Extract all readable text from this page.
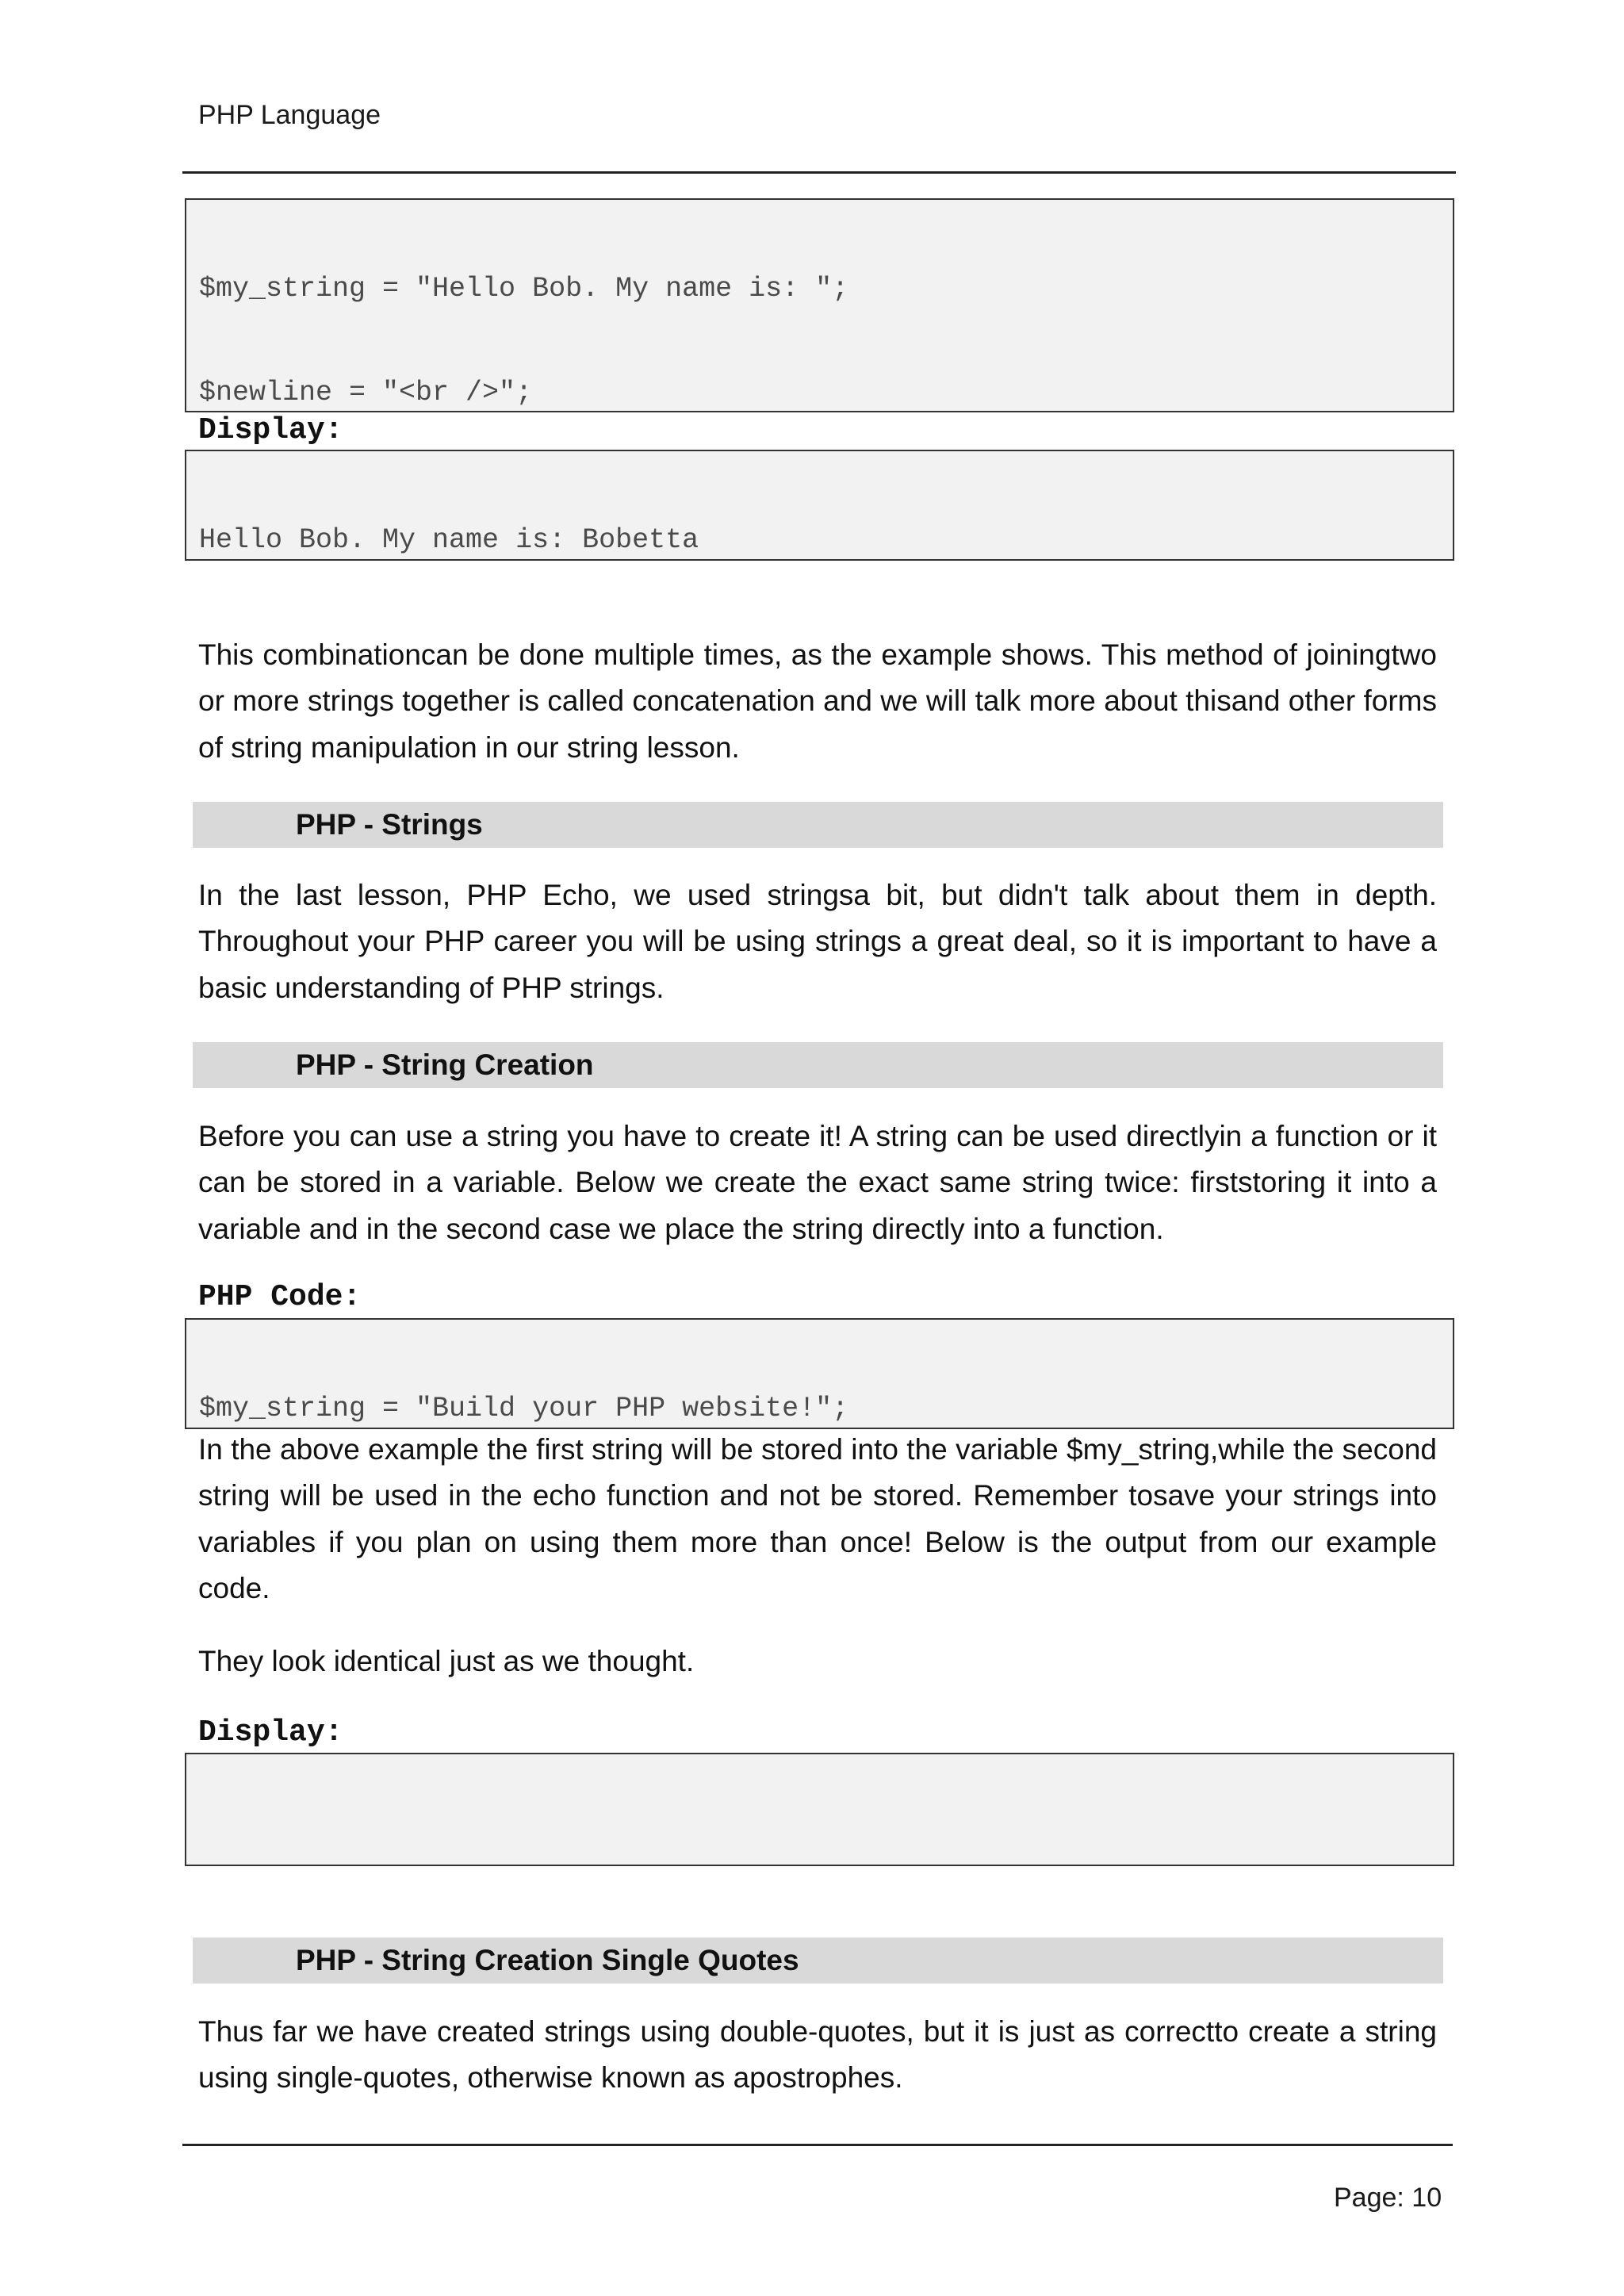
PHP Language

$my_string = "Hello Bob. My name is: ";

$newline = "<br />";

Display:

Hello Bob. My name is: Bobetta

This combinationcan be done multiple times, as the example shows. This method of joiningtwo or more strings together is called concatenation and we will talk more about thisand other forms of string manipulation in our string lesson.

PHP - Strings

In the last lesson, PHP Echo, we used stringsa bit, but didn't talk about them in depth. Throughout your PHP career you will be using strings a great deal, so it is important to have a basic understanding of PHP strings.

PHP - String Creation

Before you can use a string you have to create it! A string can be used directlyin a function or it can be stored in a variable. Below we create the exact same string twice: firststoring it into a variable and in the second case we place the string directly into a function.

PHP Code:

$my_string = "Build your PHP website!";

In the above example the first string will be stored into the variable $my_string,while the second string will be used in the echo function and not be stored. Remember tosave your strings into variables if you plan on using them more than once! Below is the output from our example code.

They look identical just as we thought.

Display:

PHP - String Creation Single Quotes

Thus far we have created strings using double-quotes, but it is just as correctto create a string using single-quotes, otherwise known as apostrophes.

Page: 10
